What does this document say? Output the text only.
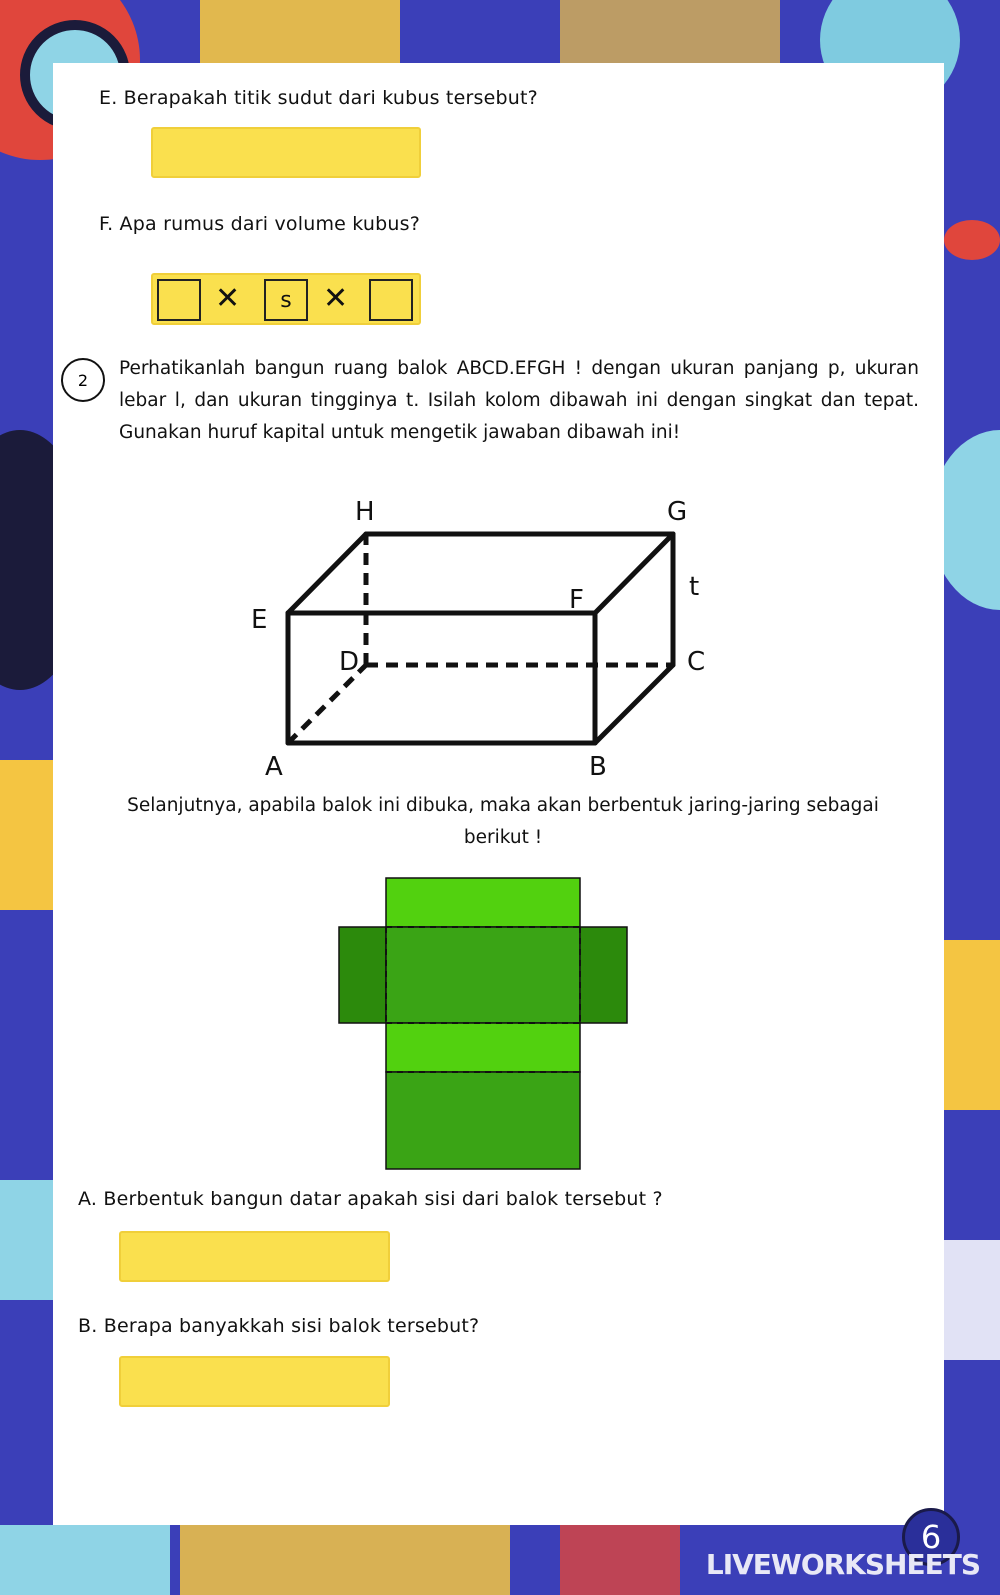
E. Berapakah titik sudut dari kubus tersebut?
F. Apa rumus dari volume kubus?
✕	s	✕
2
Perhatikanlah bangun ruang balok ABCD.EFGH ! dengan ukuran panjang p, ukuran lebar l, dan ukuran tingginya t. Isilah kolom dibawah ini dengan singkat dan tepat. Gunakan huruf kapital untuk mengetik jawaban dibawah ini!
H	G
t
E
F
D	C
A	B
Selanjutnya, apabila balok ini dibuka, maka akan berbentuk jaring-jaring sebagai berikut !
A. Berbentuk bangun datar apakah sisi dari balok tersebut ?
B. Berapa banyakkah sisi balok tersebut?
6
LIVEWORKSHEETS
